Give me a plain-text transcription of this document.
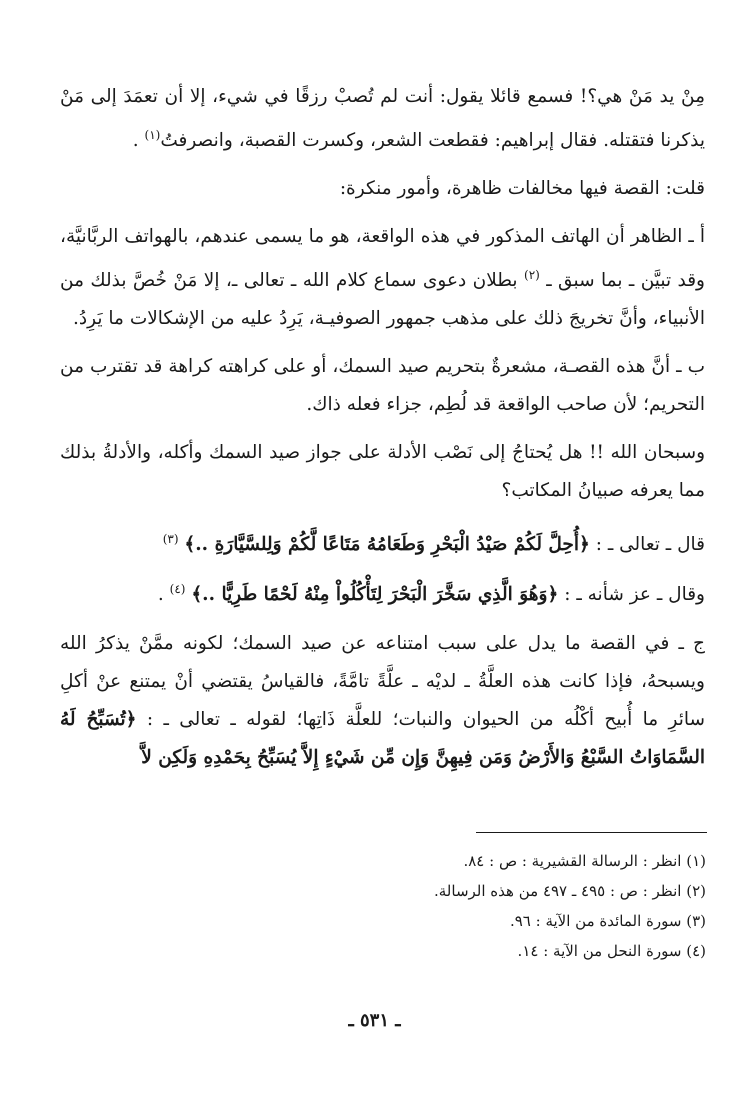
مِنْ يد مَنْ هي؟! فسمع قائلا يقول: أنت لم تُصبْ رزقًا في شيء، إلا أن تعمَدَ إلى مَنْ يذكرنا فتقتله. فقال إبراهيم: فقطعت الشعر، وكسرت القصبة، وانصرفتُ$^{(١)}$ .

قلت: القصة فيها مخالفات ظاهرة، وأمور منكرة:

أ ـ الظاهر أن الهاتف المذكور في هذه الواقعة، هو ما يسمى عندهم، بالهواتف الربَّانيَّة، وقد تبيَّن ـ بما سبق ـ $^{(٢)}$ بطلان دعوى سماع كلام الله ـ تعالى ـ، إلا مَنْ خُصَّ بذلك من الأنبياء، وأنَّ تخريجَ ذلك على مذهب جمهور الصوفيـة، يَرِدُ عليه من الإشكالات ما يَرِدُ.

ب ـ أنَّ هذه القصـة، مشعرةٌ بتحريم صيد السمك، أو على كراهته كراهة قد تقترب من التحريم؛ لأن صاحب الواقعة قد لُطِم، جزاء فعله ذاك.

وسبحان الله !! هل يُحتاجُ إلى نَصْب الأدلة على جواز صيد السمك وأكله، والأدلةُ بذلك مما يعرفه صبيانُ المكاتب؟

قال ـ تعالى ـ : ﴿أُحِلَّ لَكُمْ صَيْدُ الْبَحْرِ وَطَعَامُهُ مَتَاعًا لَّكُمْ وَلِلسَّيَّارَةِ ..﴾ $^{(٣)}$

وقال ـ عز شأنه ـ : ﴿وَهُوَ الَّذِي سَخَّرَ الْبَحْرَ لِتَأْكُلُواْ مِنْهُ لَحْمًا طَرِيًّا ..﴾ $^{(٤)}$ .

ج ـ في القصة ما يدل على سبب امتناعه عن صيد السمك؛ لكونه ممَّنْ يذكرُ الله ويسبحهُ، فإذا كانت هذه العلَّةُ ـ لديْه ـ علَّةً تامَّةً، فالقياسُ يقتضي أنْ يمتنع عنْ أكلِ سائرِ ما أُبيح أكْلُه من الحيوان والنبات؛ للعلَّة ذَاتِها؛ لقوله ـ تعالى ـ : ﴿تُسَبِّحُ لَهُ السَّمَاوَاتُ السَّبْعُ وَالأَرْضُ وَمَن فِيهِنَّ وَإِن مِّن شَيْءٍ إِلاَّ يُسَبِّحُ بِحَمْدِهِ وَلَكِن لاَّ

(١) انظر : الرسالة القشيرية : ص : ٨٤.

(٢) انظر : ص : ٤٩٥ ـ ٤٩٧ من هذه الرسالة.

(٣) سورة المائدة من الآية : ٩٦.

(٤) سورة النحل من الآية : ١٤.

ـ ٥٣١ ـ
